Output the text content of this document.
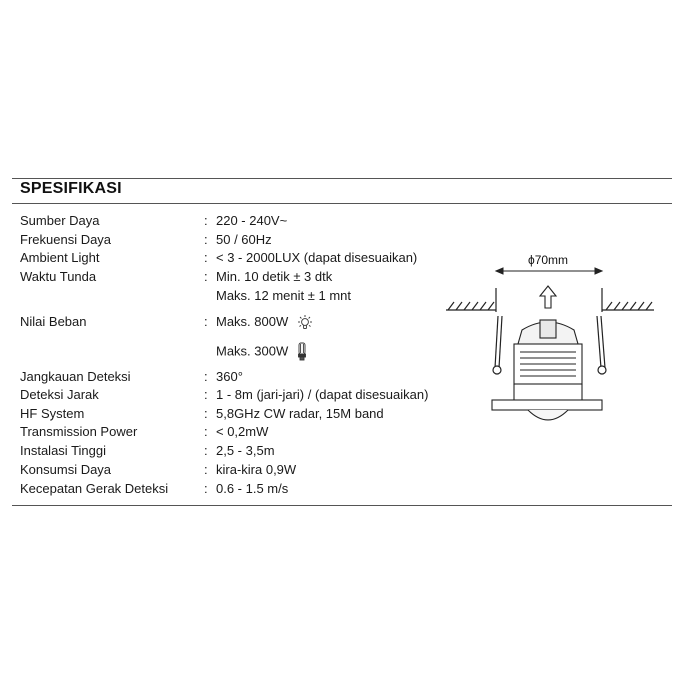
SPESIFIKASI
Sumber Daya	: 220 - 240V~
Frekuensi Daya	: 50 / 60Hz
Ambient Light	: < 3 - 2000LUX (dapat disesuaikan)
Waktu Tunda	: Min. 10 detik ± 3 dtk
Maks. 12 menit ± 1 mnt
Nilai Beban	: Maks. 800W
Maks. 300W
Jangkauan Deteksi	: 360°
Deteksi Jarak	: 1 - 8m (jari-jari) / (dapat disesuaikan)
HF System	: 5,8GHz CW radar, 15M band
Transmission Power	: < 0,2mW
Instalasi Tinggi	: 2,5 - 3,5m
Konsumsi Daya	: kira-kira 0,9W
Kecepatan Gerak Deteksi	: 0.6 - 1.5 m/s
ϕ70mm
